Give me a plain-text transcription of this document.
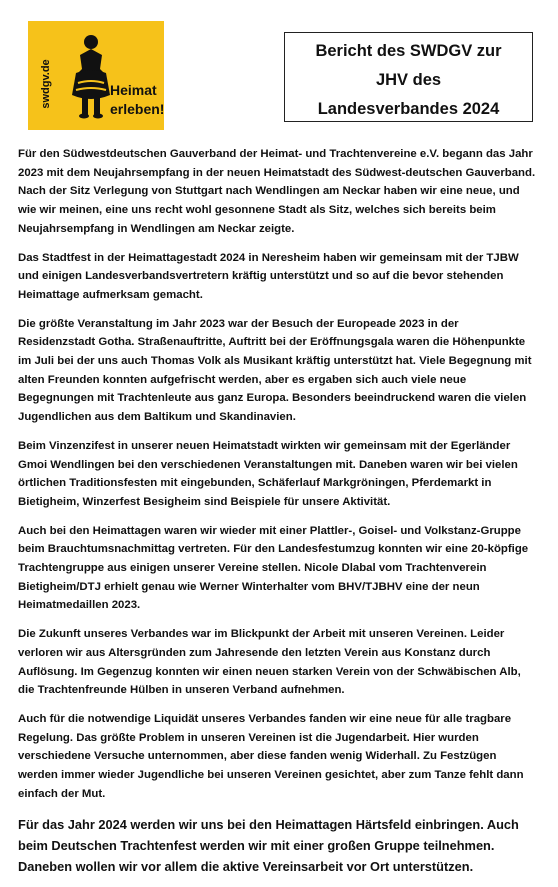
swdgv.de	Heimat
erleben!
Bericht des SWDGV zur
JHV des
Landesverbandes 2024

Für den Südwestdeutschen Gauverband der Heimat- und Trachtenvereine e.V. begann das Jahr 2023 mit dem Neujahrsempfang in der neuen Heimatstadt des Südwest-deutschen Gauverband. Nach der Sitz Verlegung von Stuttgart nach Wendlingen am Neckar haben wir eine neue, und wie wir meinen, eine uns recht wohl gesonnene Stadt als Sitz, welches sich bereits beim Neujahrsempfang in Wendlingen am Neckar zeigte.

Das Stadtfest in der Heimattagestadt 2024 in Neresheim haben wir gemeinsam mit der TJBW und einigen Landesverbandsvertretern kräftig unterstützt und so auf die bevor stehenden Heimattage aufmerksam gemacht.

Die größte Veranstaltung im Jahr 2023 war der Besuch der Europeade 2023 in der Residenzstadt Gotha. Straßenauftritte, Auftritt bei der Eröffnungsgala waren die Höhenpunkte im Juli bei der uns auch Thomas Volk als Musikant kräftig unterstützt hat. Viele Begegnung mit alten Freunden konnten aufgefrischt werden, aber es ergaben sich auch viele neue Begegnungen mit Trachtenleute aus ganz Europa. Besonders beeindruckend waren die vielen Jugendlichen aus dem Baltikum und Skandinavien.

Beim Vinzenzifest in unserer neuen Heimatstadt wirkten wir gemeinsam mit der Egerländer Gmoi Wendlingen bei den verschiedenen Veranstaltungen mit. Daneben waren wir bei vielen örtlichen Traditionsfesten mit eingebunden, Schäferlauf Markgröningen, Pferdemarkt in Bietigheim, Winzerfest Besigheim sind Beispiele für unsere Aktivität.

Auch bei den Heimattagen waren wir wieder mit einer Plattler-, Goisel- und Volkstanz-Gruppe beim Brauchtumsnachmittag vertreten. Für den Landesfestumzug konnten wir eine 20-köpfige Trachtengruppe aus einigen unserer Vereine stellen. Nicole Dlabal vom Trachtenverein Bietigheim/DTJ erhielt genau wie Werner Winterhalter vom BHV/TJBHV eine der neun Heimatmedaillen 2023.

Die Zukunft unseres Verbandes war im Blickpunkt der Arbeit mit unseren Vereinen. Leider verloren wir aus Altersgründen zum Jahresende den letzten Verein aus Konstanz durch Auflösung. Im Gegenzug konnten wir einen neuen starken Verein von der Schwäbischen Alb, die Trachtenfreunde Hülben in unseren Verband aufnehmen.

Auch für die notwendige Liquidät unseres Verbandes fanden wir eine neue für alle tragbare Regelung. Das größte Problem in unseren Vereinen ist die Jugendarbeit. Hier wurden verschiedene Versuche unternommen, aber diese fanden wenig Widerhall. Zu Festzügen werden immer wieder Jugendliche bei unseren Vereinen gesichtet, aber zum Tanze fehlt dann einfach der Mut.

Für das Jahr 2024 werden wir uns bei den Heimattagen Härtsfeld einbringen. Auch beim Deutschen Trachtenfest werden wir mit einer großen Gruppe teilnehmen. Daneben wollen wir vor allem die aktive Vereinsarbeit vor Ort unterstützen.
